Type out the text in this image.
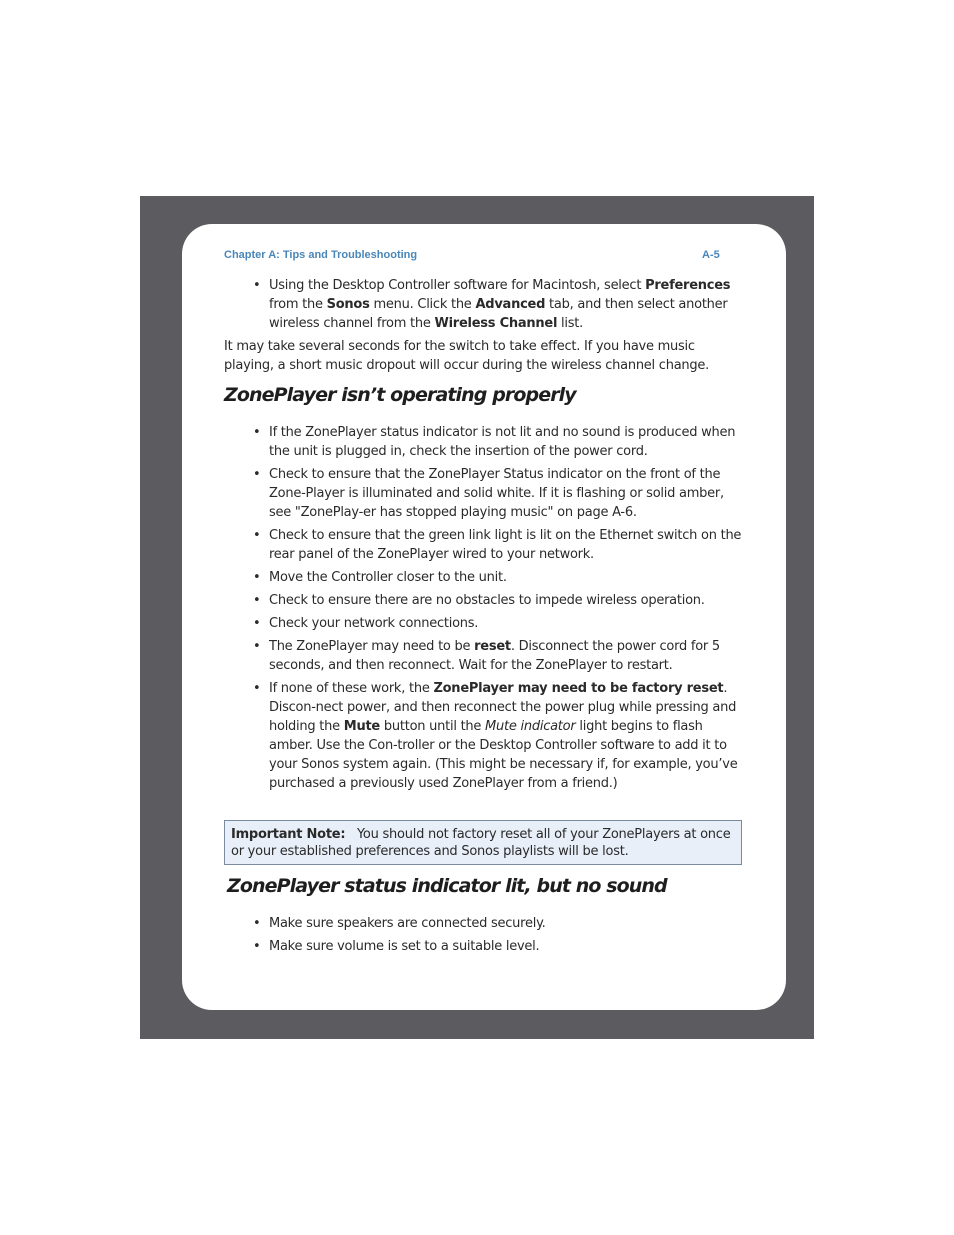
Chapter A: Tips and Troubleshooting	A-5
• Using the Desktop Controller software for Macintosh, select Preferences from the Sonos menu. Click the Advanced tab, and then select another wireless channel from the Wireless Channel list.
It may take several seconds for the switch to take effect. If you have music playing, a short music dropout will occur during the wireless channel change.
ZonePlayer isn’t operating properly
• If the ZonePlayer status indicator is not lit and no sound is produced when the unit is plugged in, check the insertion of the power cord.
• Check to ensure that the ZonePlayer Status indicator on the front of the Zone-Player is illuminated and solid white. If it is flashing or solid amber, see "ZonePlay-er has stopped playing music" on page A-6.
• Check to ensure that the green link light is lit on the Ethernet switch on the rear panel of the ZonePlayer wired to your network.
• Move the Controller closer to the unit.
• Check to ensure there are no obstacles to impede wireless operation.
• Check your network connections.
• The ZonePlayer may need to be reset. Disconnect the power cord for 5 seconds, and then reconnect. Wait for the ZonePlayer to restart.
• If none of these work, the ZonePlayer may need to be factory reset. Discon-nect power, and then reconnect the power plug while pressing and holding the Mute button until the Mute indicator light begins to flash amber. Use the Con-troller or the Desktop Controller software to add it to your Sonos system again. (This might be necessary if, for example, you’ve purchased a previously used ZonePlayer from a friend.)
Important Note: You should not factory reset all of your ZonePlayers at once or your established preferences and Sonos playlists will be lost.
ZonePlayer status indicator lit, but no sound
• Make sure speakers are connected securely.
• Make sure volume is set to a suitable level.
